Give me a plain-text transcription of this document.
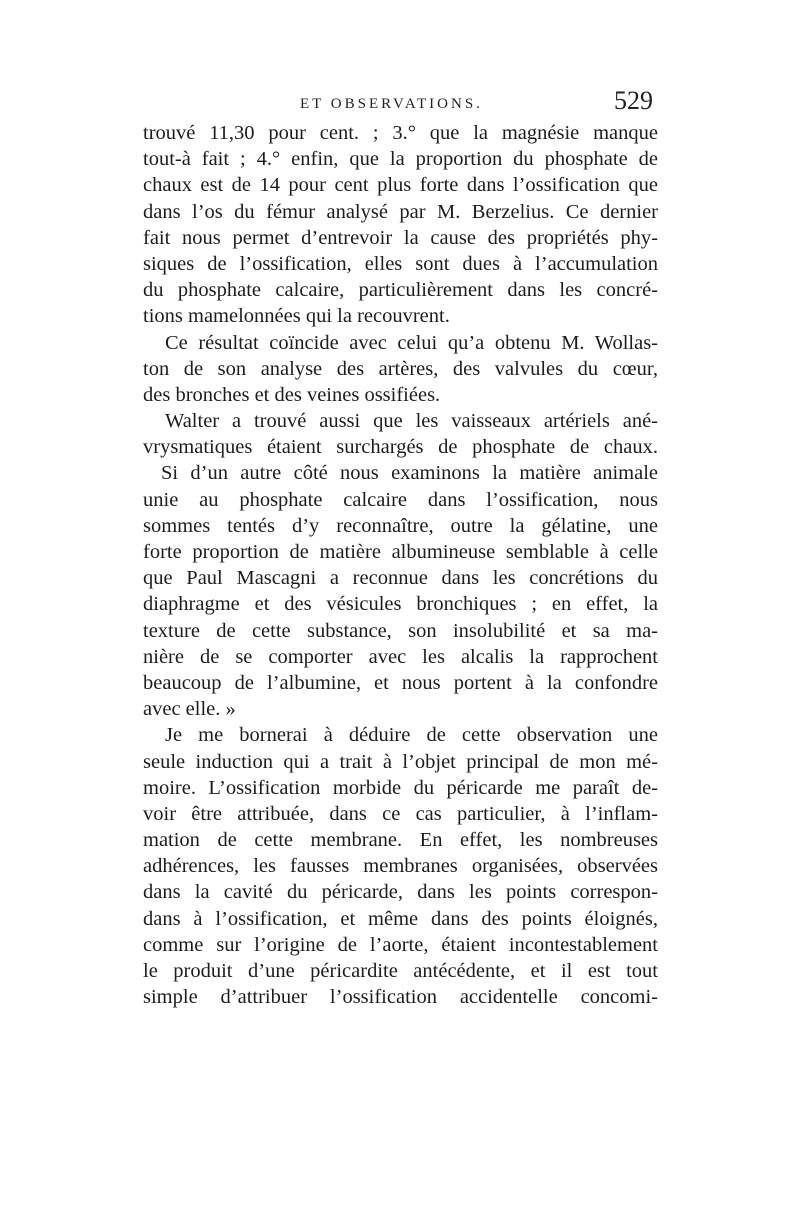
ET OBSERVATIONS.	529
trouvé 11,30 pour cent. ; 3.° que la magnésie manque
tout-à fait ; 4.° enfin, que la proportion du phosphate de
chaux est de 14 pour cent plus forte dans l’ossification que
dans l’os du fémur analysé par M. Berzelius. Ce dernier
fait nous permet d’entrevoir la cause des propriétés phy-
siques de l’ossification, elles sont dues à l’accumulation
du phosphate calcaire, particulièrement dans les concré-
tions mamelonnées qui la recouvrent.
Ce résultat coïncide avec celui qu’a obtenu M. Wollas-
ton de son analyse des artères, des valvules du cœur,
des bronches et des veines ossifiées.
Walter a trouvé aussi que les vaisseaux artériels ané-
vrysmatiques étaient surchargés de phosphate de chaux.
Si d’un autre côté nous examinons la matière animale
unie au phosphate calcaire dans l’ossification, nous
sommes tentés d’y reconnaître, outre la gélatine, une
forte proportion de matière albumineuse semblable à celle
que Paul Mascagni a reconnue dans les concrétions du
diaphragme et des vésicules bronchiques ; en effet, la
texture de cette substance, son insolubilité et sa ma-
nière de se comporter avec les alcalis la rapprochent
beaucoup de l’albumine, et nous portent à la confondre
avec elle. »
Je me bornerai à déduire de cette observation une
seule induction qui a trait à l’objet principal de mon mé-
moire. L’ossification morbide du péricarde me paraît de-
voir être attribuée, dans ce cas particulier, à l’inflam-
mation de cette membrane. En effet, les nombreuses
adhérences, les fausses membranes organisées, observées
dans la cavité du péricarde, dans les points correspon-
dans à l’ossification, et même dans des points éloignés,
comme sur l’origine de l’aorte, étaient incontestablement
le produit d’une péricardite antécédente, et il est tout
simple d’attribuer l’ossification accidentelle concomi-
